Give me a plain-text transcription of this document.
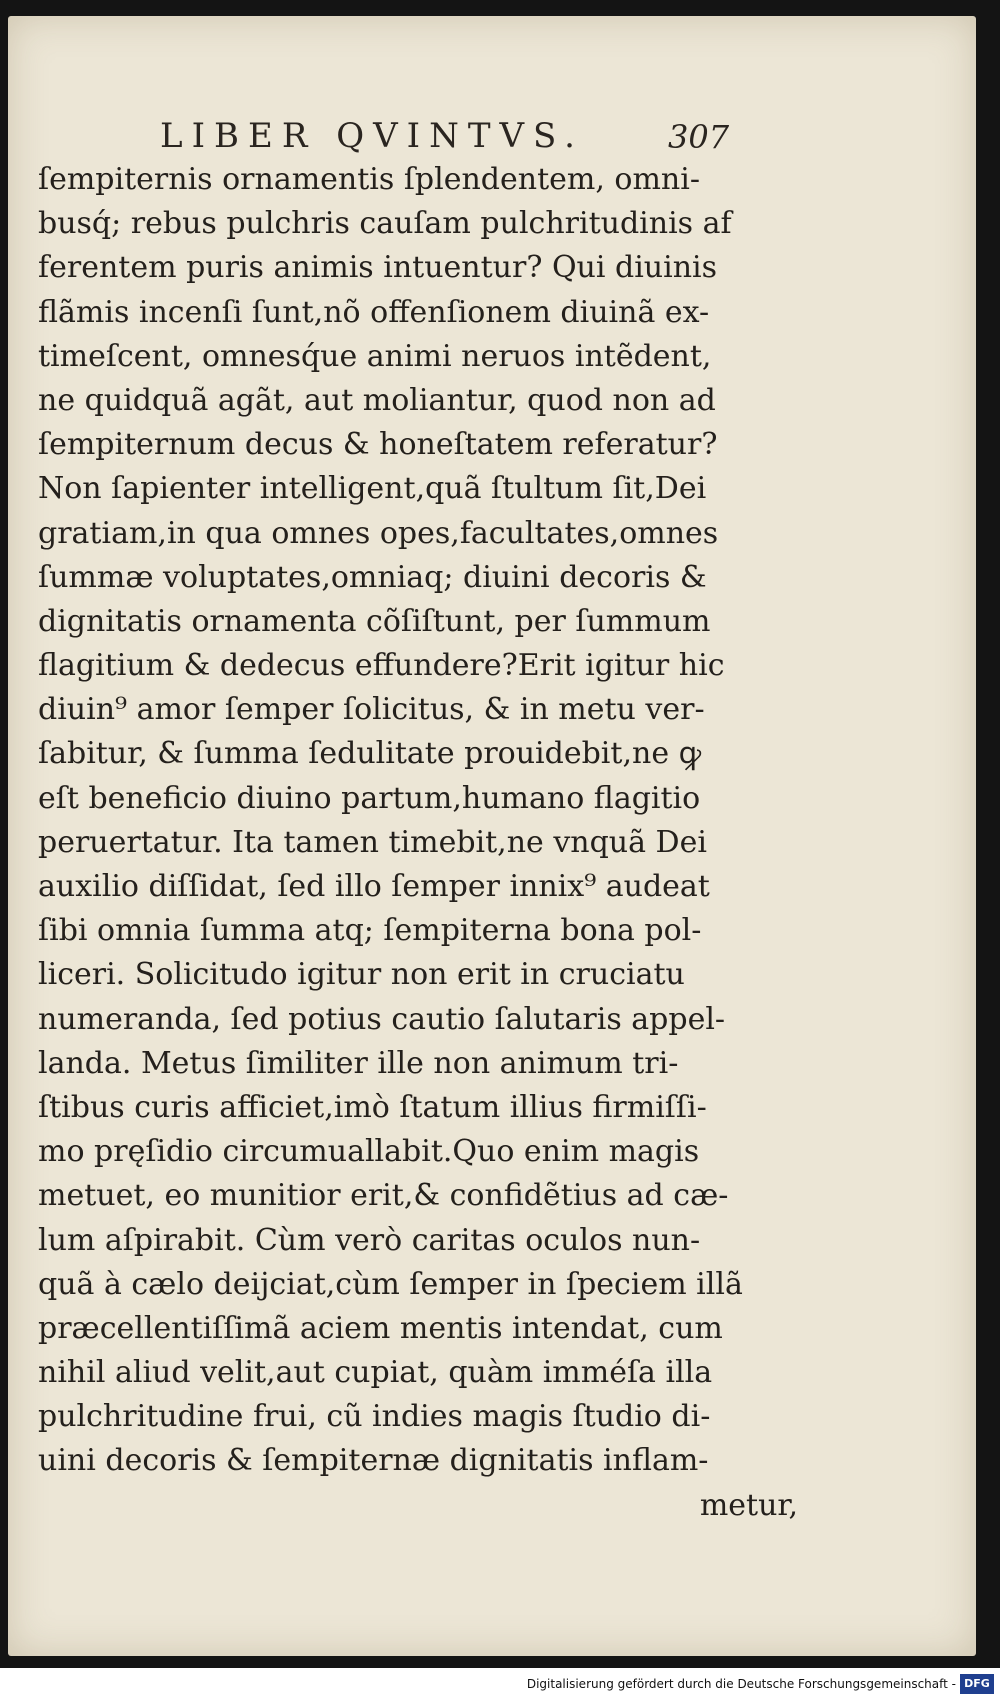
LIBER QVINTVS.	307
ſempiternis ornamentis ſplendentem, omni-
busq́; rebus pulchris cauſam pulchritudinis af
ferentem puris animis intuentur? Qui diuinis
flãmis incenſi ſunt,nõ offenſionem diuinã ex-
timeſcent, omnesq́ue animi neruos intẽdent,
ne quidquã agãt, aut moliantur, quod non ad
ſempiternum decus & honeſtatem referatur?
Non ſapienter intelligent,quã ſtultum ſit,Dei
gratiam,in qua omnes opes,facultates,omnes
ſummæ voluptates,omniaq; diuini decoris &
dignitatis ornamenta cõſiſtunt, per ſummum
flagitium & dedecus effundere?Erit igitur hic
diuin⁹ amor ſemper ſolicitus, & in metu ver-
ſabitur, & ſumma ſedulitate prouidebit,ne ꝙ
eſt beneficio diuino partum,humano flagitio
peruertatur. Ita tamen timebit,ne vnquã Dei
auxilio diſſidat, ſed illo ſemper innix⁹ audeat
ſibi omnia ſumma atq; ſempiterna bona pol-
liceri. Solicitudo igitur non erit in cruciatu
numeranda, ſed potius cautio ſalutaris appel-
landa. Metus ſimiliter ille non animum tri-
ſtibus curis afficiet,imò ſtatum illius firmiſſi-
mo pręſidio circumuallabit.Quo enim magis
metuet, eo munitior erit,& confidẽtius ad cæ-
lum aſpirabit. Cùm verò caritas oculos nun-
quã à cælo deijciat,cùm ſemper in ſpeciem illã
præcellentiſſimã aciem mentis intendat, cum
nihil aliud velit,aut cupiat, quàm imméſa illa
pulchritudine frui, cũ indies magis ſtudio di-
uini decoris & ſempiternæ dignitatis inflam-
metur,
Digitalisierung gefördert durch die Deutsche Forschungsgemeinschaft - DFG
